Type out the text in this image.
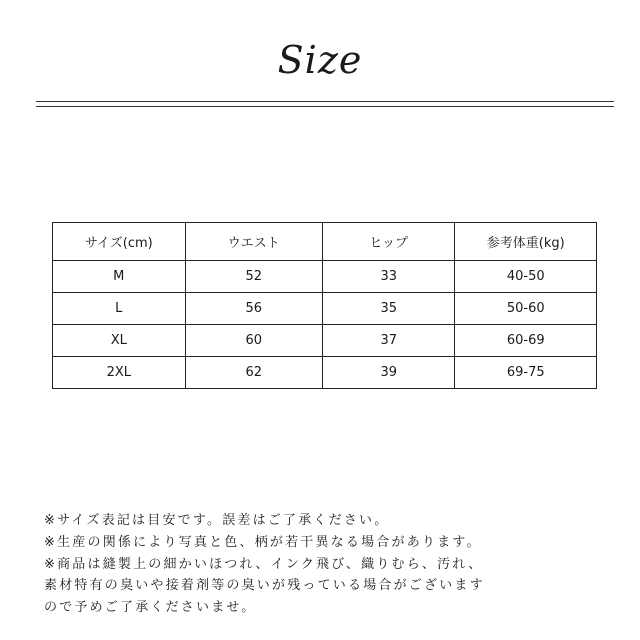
Size
サイズ(cm)	ウエスト	ヒップ	参考体重(kg)
M	52	33	40-50
L	56	35	50-60
XL	60	37	60-69
2XL	62	39	69-75
※サイズ表記は目安です。誤差はご了承ください。
※生産の関係により写真と色、柄が若干異なる場合があります。
※商品は縫製上の細かいほつれ、インク飛び、織りむら、汚れ、
素材特有の臭いや接着剤等の臭いが残っている場合がございます
ので予めご了承くださいませ。
